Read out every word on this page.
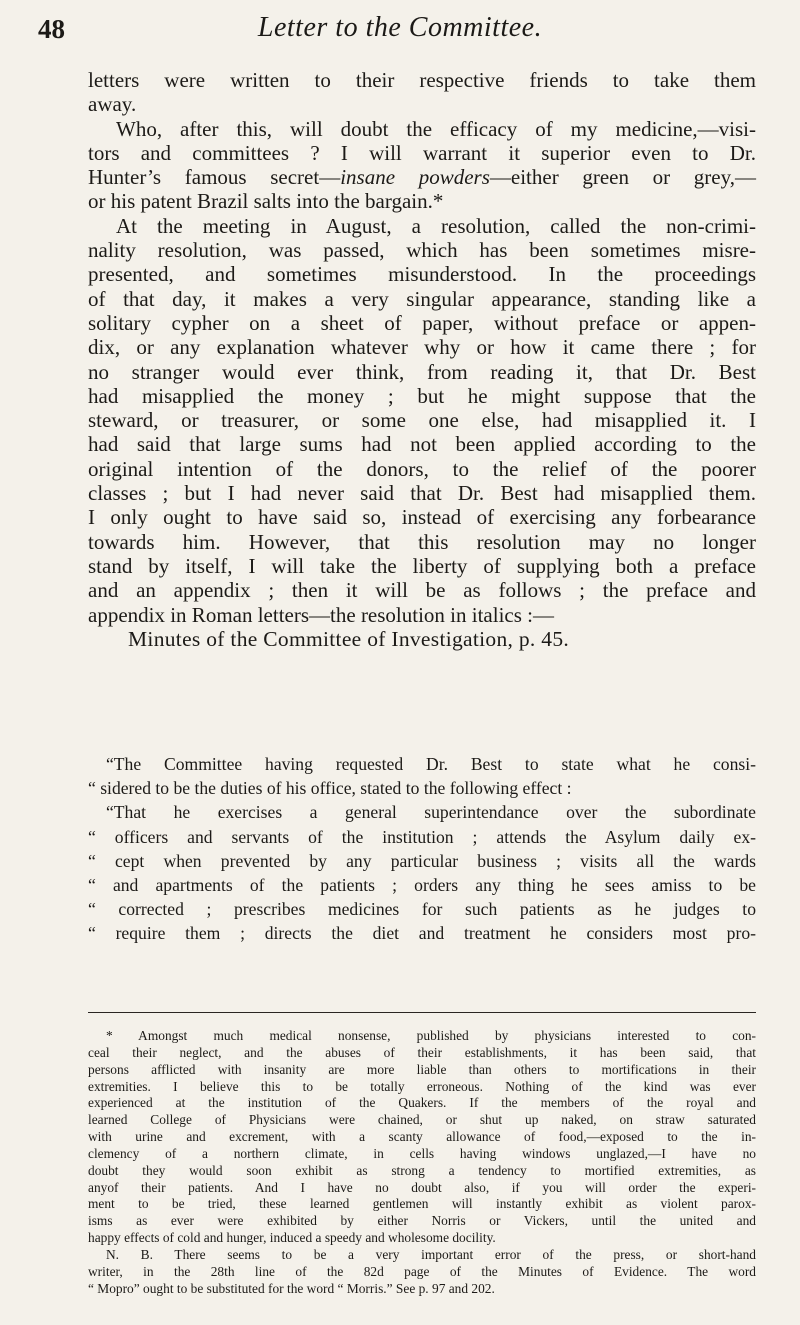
48	Letter to the Committee.
letters were written to their respective friends to take them
away.
Who, after this, will doubt the efficacy of my medicine,—visi-
tors and committees ? I will warrant it superior even to Dr.
Hunter’s famous secret—insane powders—either green or grey,—
or his patent Brazil salts into the bargain.*
At the meeting in August, a resolution, called the non-crimi-
nality resolution, was passed, which has been sometimes misre-
presented, and sometimes misunderstood. In the proceedings
of that day, it makes a very singular appearance, standing like a
solitary cypher on a sheet of paper, without preface or appen-
dix, or any explanation whatever why or how it came there ; for
no stranger would ever think, from reading it, that Dr. Best
had misapplied the money ; but he might suppose that the
steward, or treasurer, or some one else, had misapplied it. I
had said that large sums had not been applied according to the
original intention of the donors, to the relief of the poorer
classes ; but I had never said that Dr. Best had misapplied them.
I only ought to have said so, instead of exercising any forbearance
towards him. However, that this resolution may no longer
stand by itself, I will take the liberty of supplying both a preface
and an appendix ; then it will be as follows ; the preface and
appendix in Roman letters—the resolution in italics :—
Minutes of the Committee of Investigation, p. 45.
“The Committee having requested Dr. Best to state what he consi-
“ sidered to be the duties of his office, stated to the following effect :
“That he exercises a general superintendance over the subordinate
“ officers and servants of the institution ; attends the Asylum daily ex-
“ cept when prevented by any particular business ; visits all the wards
“ and apartments of the patients ; orders any thing he sees amiss to be
“ corrected ; prescribes medicines for such patients as he judges to
“ require them ; directs the diet and treatment he considers most pro-
* Amongst much medical nonsense, published by physicians interested to con-
ceal their neglect, and the abuses of their establishments, it has been said, that
persons afflicted with insanity are more liable than others to mortifications in their
extremities. I believe this to be totally erroneous. Nothing of the kind was ever
experienced at the institution of the Quakers. If the members of the royal and
learned College of Physicians were chained, or shut up naked, on straw saturated
with urine and excrement, with a scanty allowance of food,—exposed to the in-
clemency of a northern climate, in cells having windows unglazed,—I have no
doubt they would soon exhibit as strong a tendency to mortified extremities, as
anyof their patients. And I have no doubt also, if you will order the experi-
ment to be tried, these learned gentlemen will instantly exhibit as violent parox-
isms as ever were exhibited by either Norris or Vickers, until the united and
happy effects of cold and hunger, induced a speedy and wholesome docility.
N. B. There seems to be a very important error of the press, or short-hand
writer, in the 28th line of the 82d page of the Minutes of Evidence. The word
“ Mopro” ought to be substituted for the word “ Morris.” See p. 97 and 202.
